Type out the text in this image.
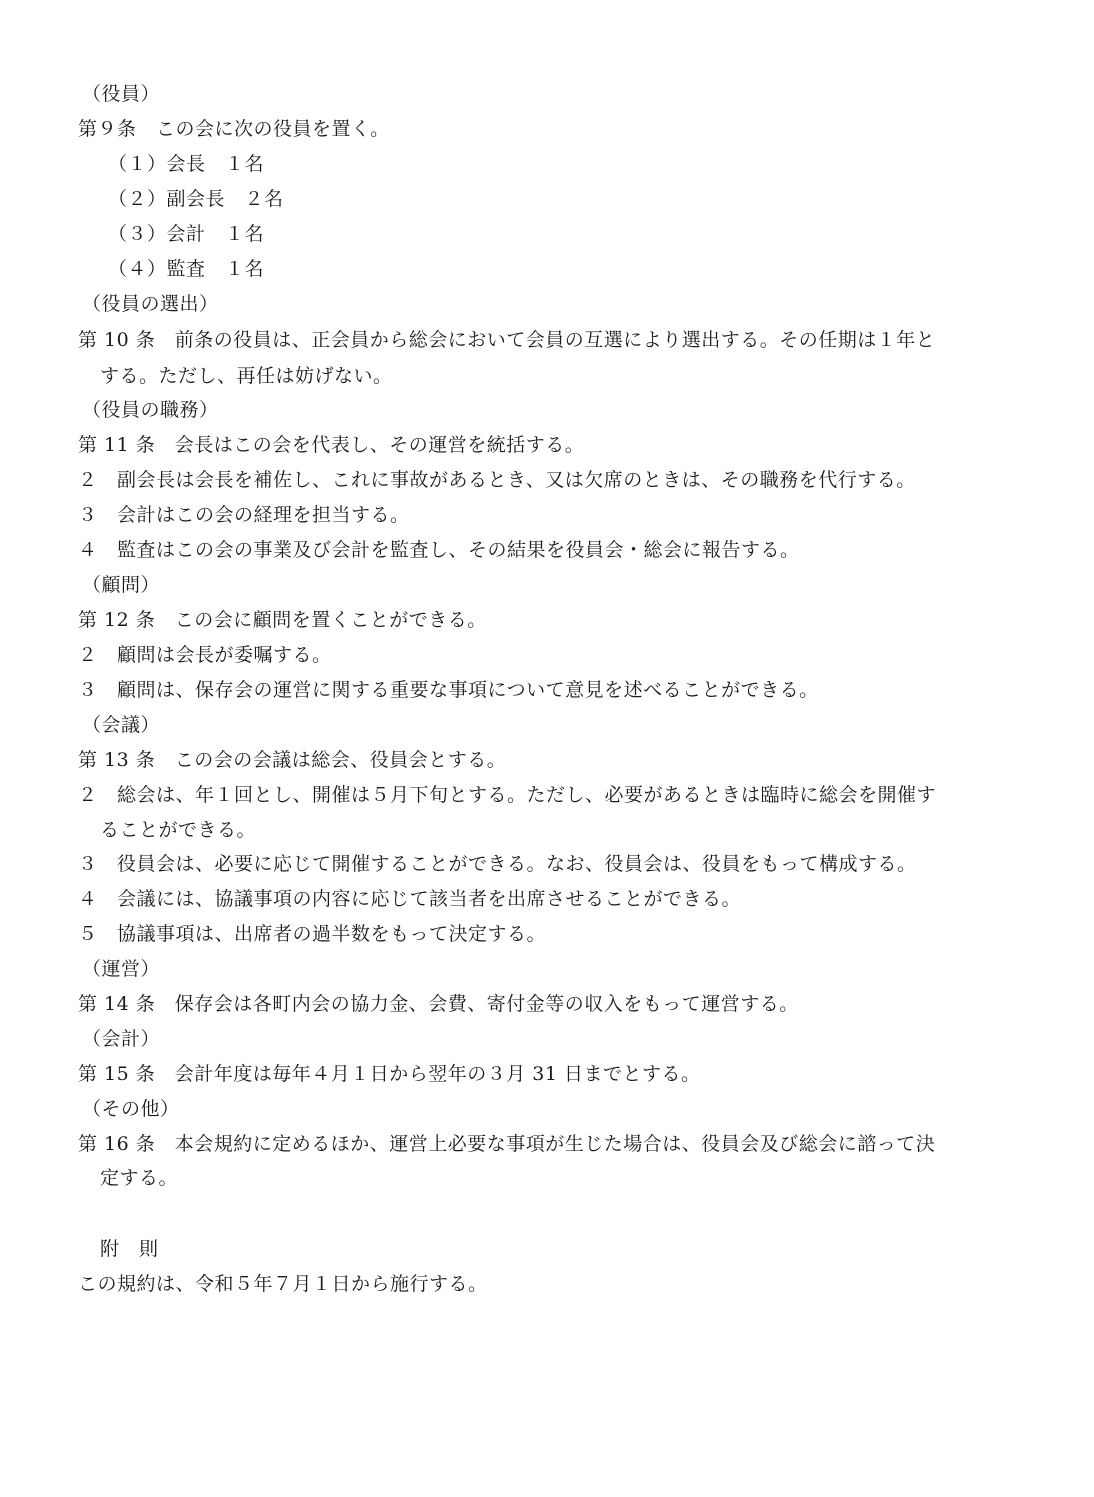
（役員）
第９条　この会に次の役員を置く。
（１）会長　１名
（２）副会長　２名
（３）会計　１名
（４）監査　１名
（役員の選出）
第 10 条　前条の役員は、正会員から総会において会員の互選により選出する。その任期は１年と
する。ただし、再任は妨げない。
（役員の職務）
第 11 条　会長はこの会を代表し、その運営を統括する。
２　副会長は会長を補佐し、これに事故があるとき、又は欠席のときは、その職務を代行する。
３　会計はこの会の経理を担当する。
４　監査はこの会の事業及び会計を監査し、その結果を役員会・総会に報告する。
（顧問）
第 12 条　この会に顧問を置くことができる。
２　顧問は会長が委嘱する。
３　顧問は、保存会の運営に関する重要な事項について意見を述べることができる。
（会議）
第 13 条　この会の会議は総会、役員会とする。
２　総会は、年１回とし、開催は５月下旬とする。ただし、必要があるときは臨時に総会を開催す
ることができる。
３　役員会は、必要に応じて開催することができる。なお、役員会は、役員をもって構成する。
４　会議には、協議事項の内容に応じて該当者を出席させることができる。
５　協議事項は、出席者の過半数をもって決定する。
（運営）
第 14 条　保存会は各町内会の協力金、会費、寄付金等の収入をもって運営する。
（会計）
第 15 条　会計年度は毎年４月１日から翌年の３月 31 日までとする。
（その他）
第 16 条　本会規約に定めるほか、運営上必要な事項が生じた場合は、役員会及び総会に諮って決
定する。
附　則
この規約は、令和５年７月１日から施行する。
